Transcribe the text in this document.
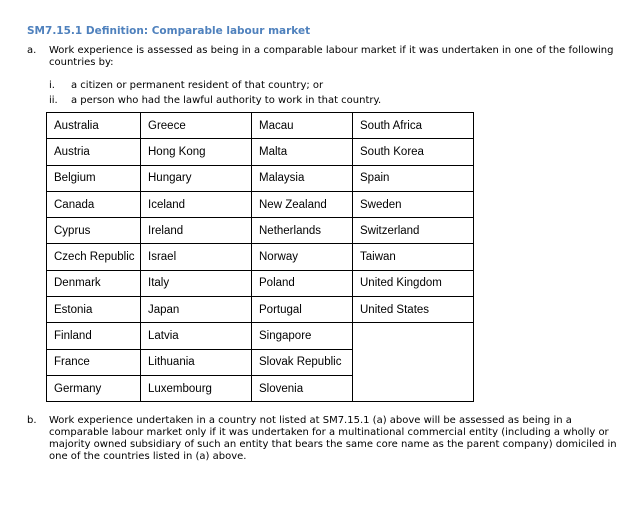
SM7.15.1 Definition: Comparable labour market
a. Work experience is assessed as being in a comparable labour market if it was undertaken in one of the following countries by:
i. a citizen or permanent resident of that country; or
ii. a person who had the lawful authority to work in that country.
Australia	Greece	Macau	South Africa
Austria	Hong Kong	Malta	South Korea
Belgium	Hungary	Malaysia	Spain
Canada	Iceland	New Zealand	Sweden
Cyprus	Ireland	Netherlands	Switzerland
Czech Republic	Israel	Norway	Taiwan
Denmark	Italy	Poland	United Kingdom
Estonia	Japan	Portugal	United States
Finland	Latvia	Singapore	
France	Lithuania	Slovak Republic	
Germany	Luxembourg	Slovenia	
b. Work experience undertaken in a country not listed at SM7.15.1 (a) above will be assessed as being in a comparable labour market only if it was undertaken for a multinational commercial entity (including a wholly or majority owned subsidiary of such an entity that bears the same core name as the parent company) domiciled in one of the countries listed in (a) above.
